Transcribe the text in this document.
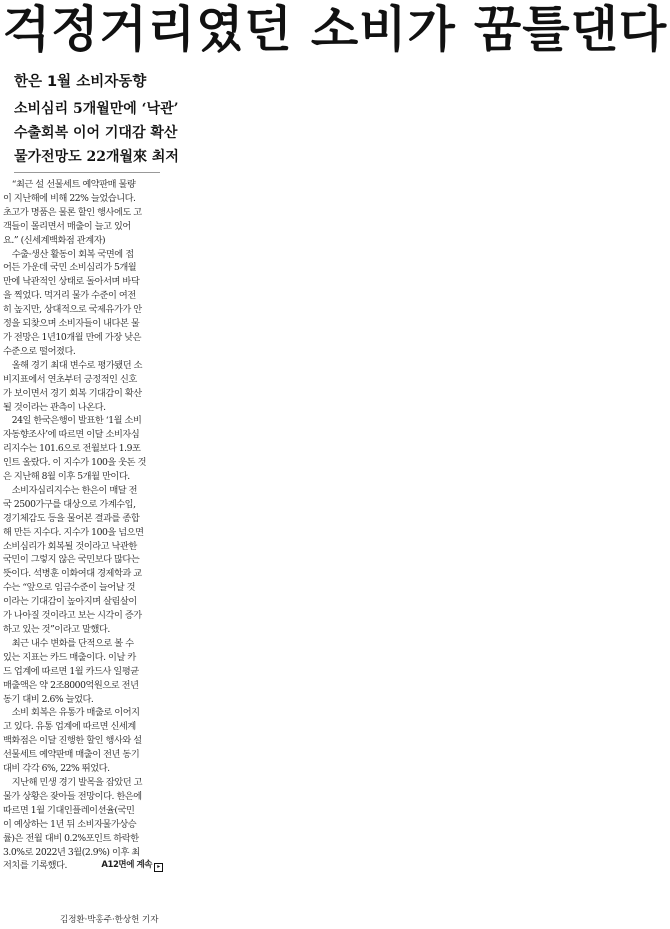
걱정거리였던 소비가 꿈틀댄다
한은 1월 소비자동향
소비심리 5개월만에 ‘낙관’
수출회복 이어 기대감 확산
물가전망도 22개월來 최저
 “최근 설 선물세트 예약판매 물량
이 지난해에 비해 22% 늘었습니다.
초고가 명품은 물론 할인 행사에도 고
객들이 몰리면서 매출이 늘고 있어
요.” (신세계백화점 관계자)
 수출·생산 활동이 회복 국면에 접
어든 가운데 국민 소비심리가 5개월
만에 낙관적인 상태로 돌아서며 바닥
을 찍었다. 먹거리 물가 수준이 여전
히 높지만, 상대적으로 국제유가가 안
정을 되찾으며 소비자들이 내다본 물
가 전망은 1년10개월 만에 가장 낮은
수준으로 떨어졌다.
 올해 경기 최대 변수로 평가됐던 소
비지표에서 연초부터 긍정적인 신호
가 보이면서 경기 회복 기대감이 확산
될 것이라는 관측이 나온다.
 24일 한국은행이 발표한 ‘1월 소비
자동향조사’에 따르면 이달 소비자심
리지수는 101.6으로 전월보다 1.9포
인트 올랐다. 이 지수가 100을 웃돈 것
은 지난해 8월 이후 5개월 만이다.
 소비자심리지수는 한은이 매달 전
국 2500가구를 대상으로 가계수입,
경기체감도 등을 물어본 결과를 종합
해 만든 지수다. 지수가 100을 넘으면
소비심리가 회복될 것이라고 낙관한
국민이 그렇지 않은 국민보다 많다는
뜻이다. 석병훈 이화여대 경제학과 교
수는 “앞으로 임금수준이 늘어날 것
이라는 기대감이 높아지며 살림살이
가 나아질 것이라고 보는 시각이 증가
하고 있는 것”이라고 말했다.
 최근 내수 변화를 단적으로 볼 수
있는 지표는 카드 매출이다. 이날 카
드 업계에 따르면 1월 카드사 일평균
매출액은 약 2조8000억원으로 전년
동기 대비 2.6% 늘었다.
 소비 회복은 유통가 매출로 이어지
고 있다. 유통 업계에 따르면 신세계
백화점은 이달 진행한 할인 행사와 설
선물세트 예약판매 매출이 전년 동기
대비 각각 6%, 22% 뛰었다.
 지난해 민생 경기 발목을 잡았던 고
물가 상황은 잦아들 전망이다. 한은에
따르면 1월 기대인플레이션율(국민
이 예상하는 1년 뒤 소비자물가상승
률)은 전월 대비 0.2%포인트 하락한
3.0%로 2022년 3월(2.9%) 이후 최
저치를 기록했다.	A12면에 계속 ▸
김정환·박홍주·한상헌 기자
